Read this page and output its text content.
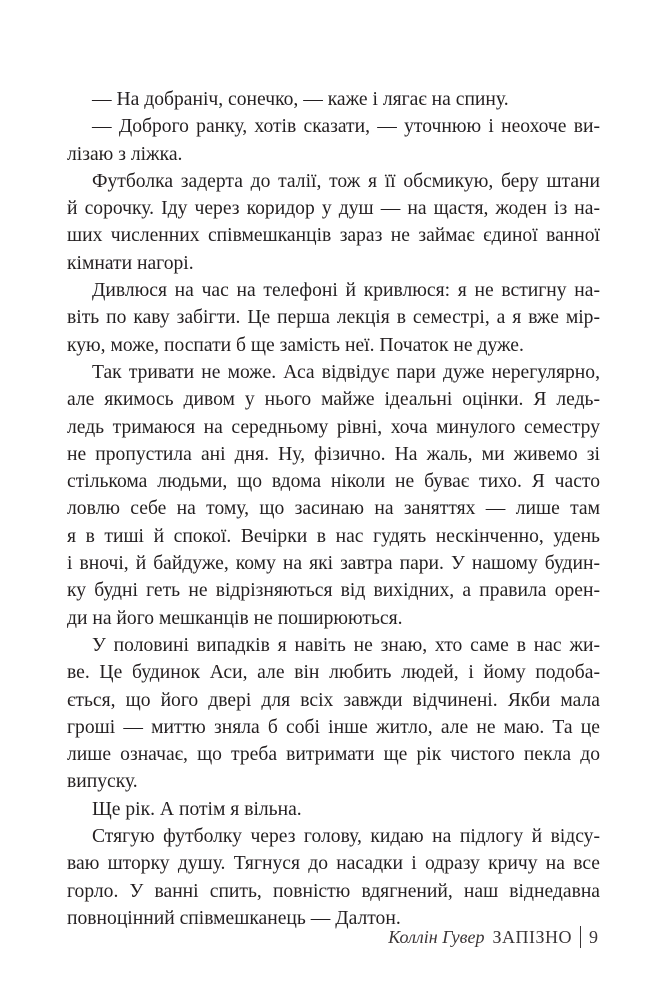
— На добраніч, сонечко, — каже і лягає на спину.
— Доброго ранку, хотів сказати, — уточнюю і неохоче ви-
лізаю з ліжка.
Футболка задерта до талії, тож я її обсмикую, беру штани
й сорочку. Іду через коридор у душ — на щастя, жоден із на-
ших численних співмешканців зараз не займає єдиної ванної
кімнати нагорі.
Дивлюся на час на телефоні й кривлюся: я не встигну на-
віть по каву забігти. Це перша лекція в семестрі, а я вже мір-
кую, може, поспати б ще замість неї. Початок не дуже.
Так тривати не може. Аса відвідує пари дуже нерегулярно,
але якимось дивом у нього майже ідеальні оцінки. Я ледь-
ледь тримаюся на середньому рівні, хоча минулого семестру
не пропустила ані дня. Ну, фізично. На жаль, ми живемо зі
стількома людьми, що вдома ніколи не буває тихо. Я часто
ловлю себе на тому, що засинаю на заняттях — лише там
я в тиші й спокої. Вечірки в нас гудять нескінченно, удень
і вночі, й байдуже, кому на які завтра пари. У нашому будин-
ку будні геть не відрізняються від вихідних, а правила орен-
ди на його мешканців не поширюються.
У половині випадків я навіть не знаю, хто саме в нас жи-
ве. Це будинок Аси, але він любить людей, і йому подоба-
ється, що його двері для всіх завжди відчинені. Якби мала
гроші — миттю зняла б собі інше житло, але не маю. Та це
лише означає, що треба витримати ще рік чистого пекла до
випуску.
Ще рік. А потім я вільна.
Стягую футболку через голову, кидаю на підлогу й відсу-
ваю шторку душу. Тягнуся до насадки і одразу кричу на все
горло. У ванні спить, повністю вдягнений, наш віднедавна
повноцінний співмешканець — Далтон.
Коллін Гувер ЗАПІЗНО 9
